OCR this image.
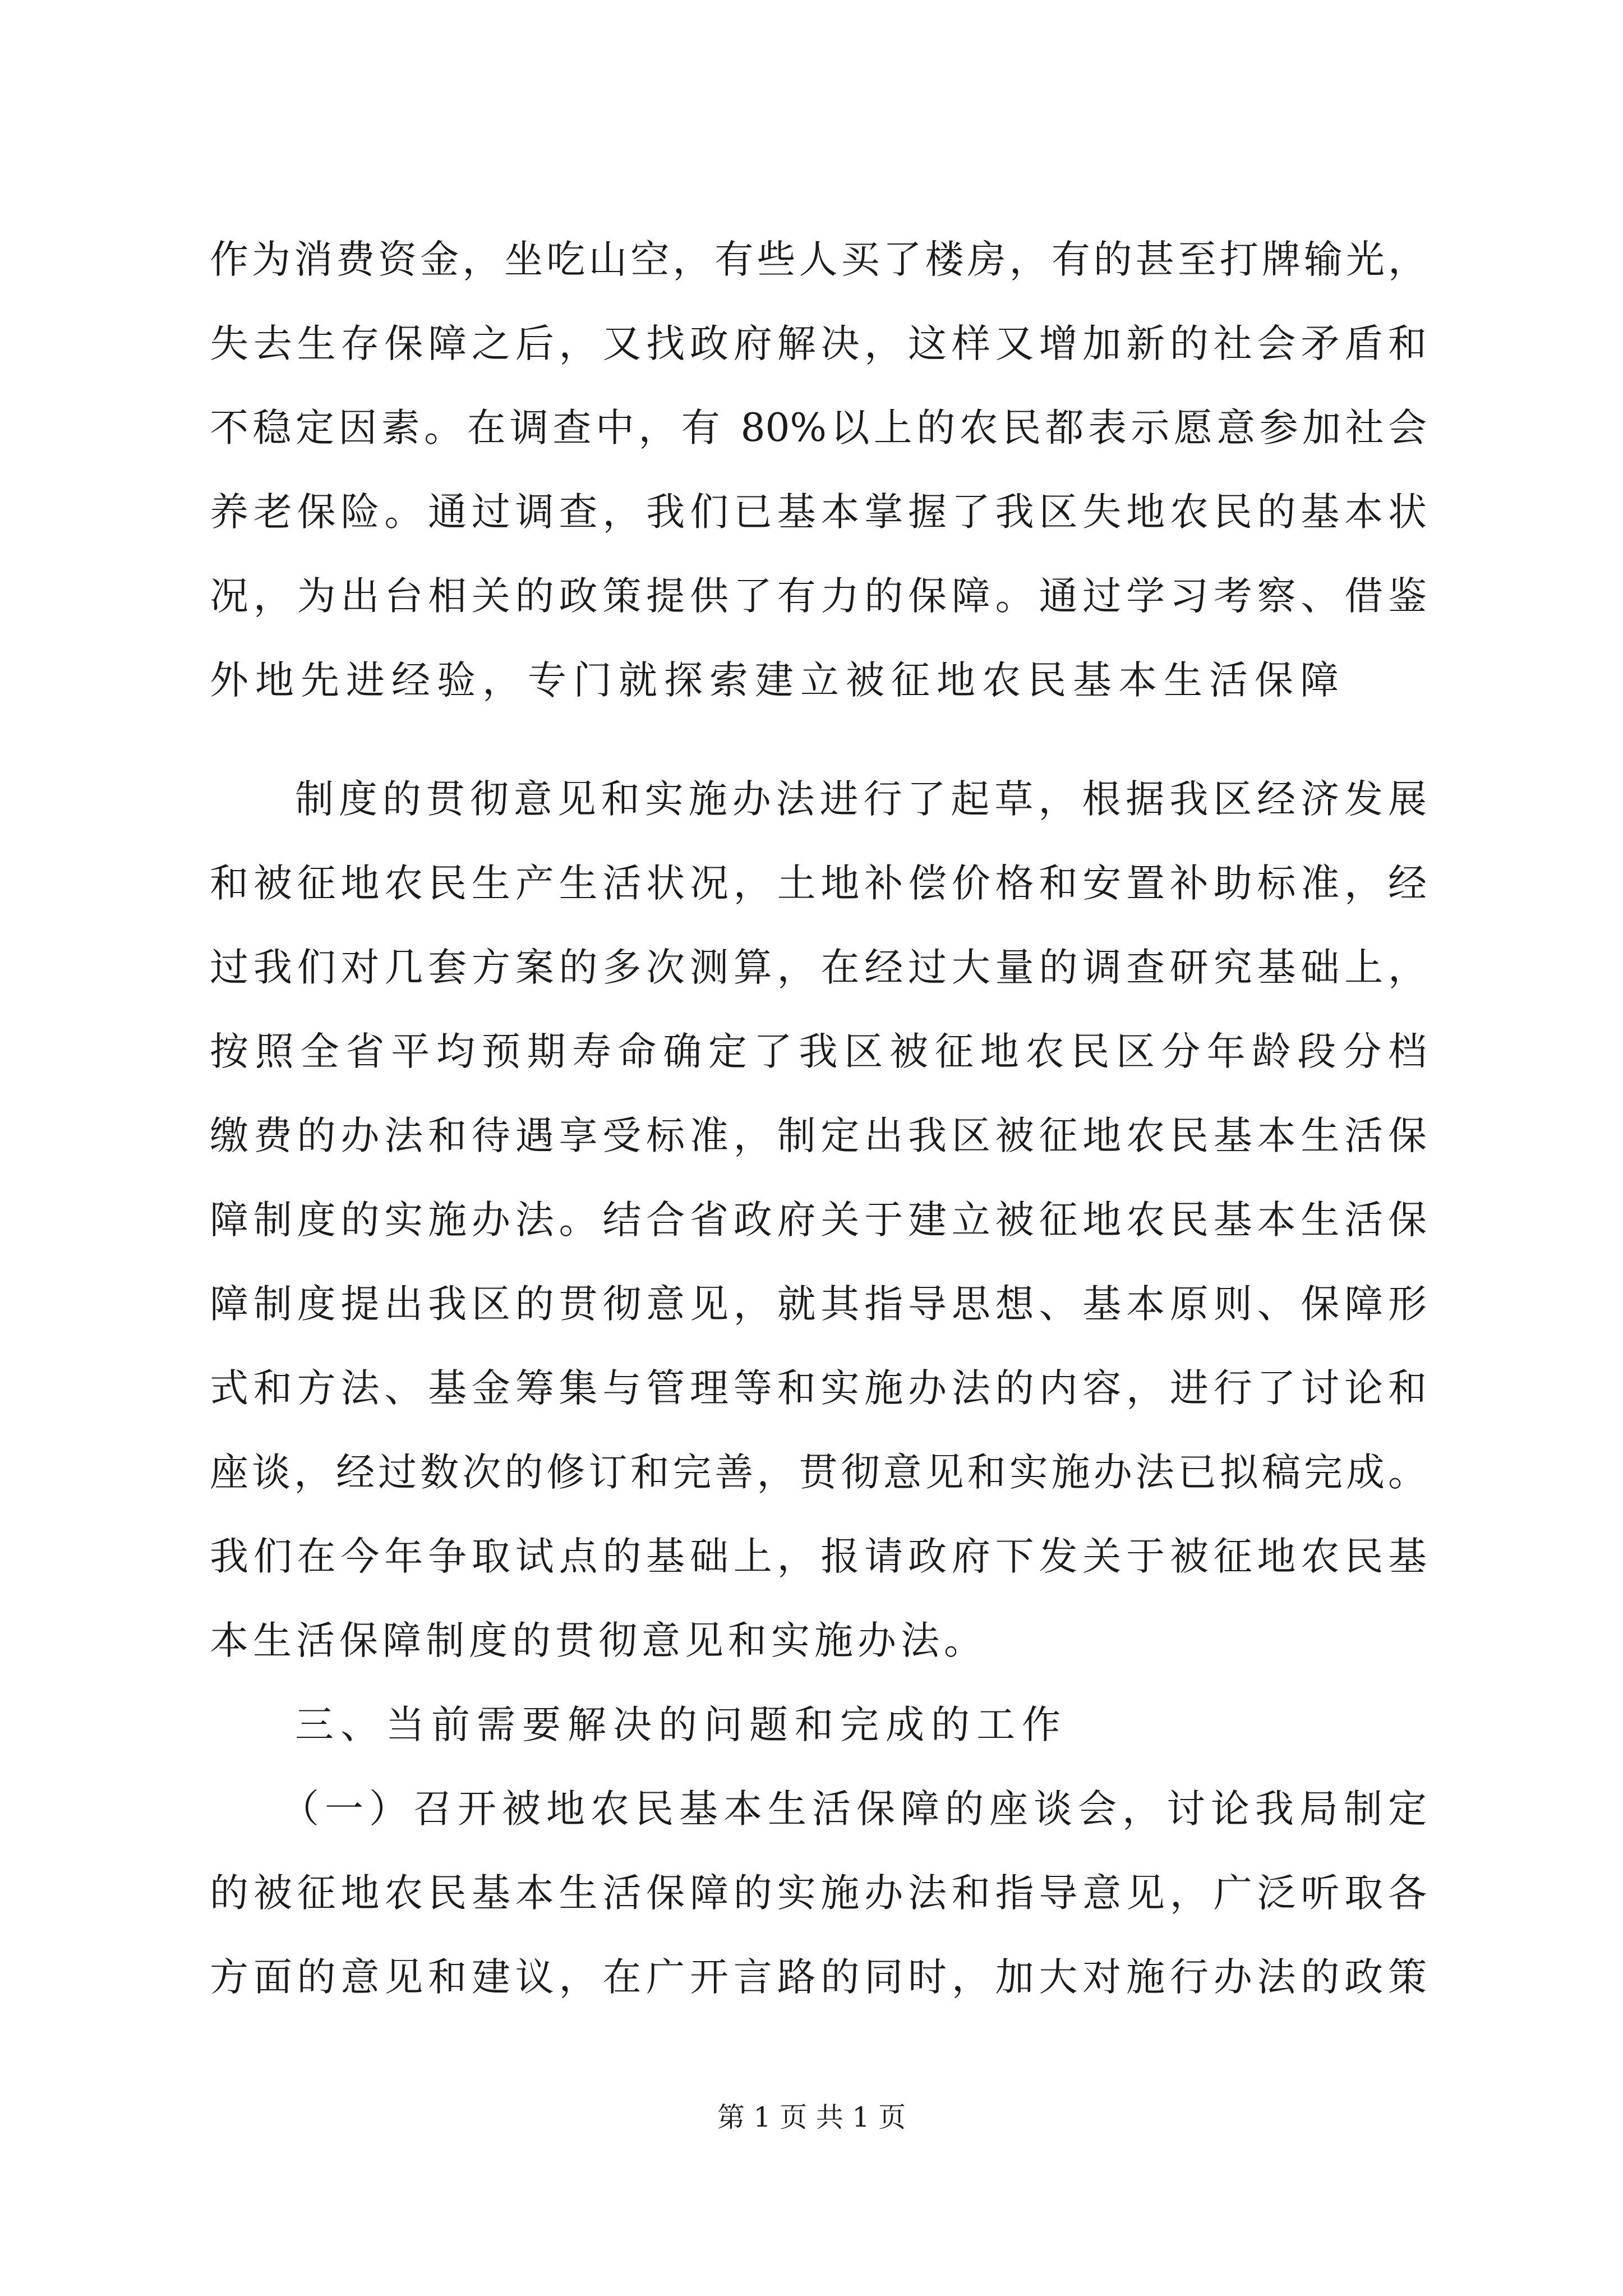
作为消费资金，坐吃山空，有些人买了楼房，有的甚至打牌输光，
失去生存保障之后，又找政府解决，这样又增加新的社会矛盾和
不稳定因素。在调查中，有 80%以上的农民都表示愿意参加社会
养老保险。通过调查，我们已基本掌握了我区失地农民的基本状
况，为出台相关的政策提供了有力的保障。通过学习考察、借鉴
外地先进经验，专门就探索建立被征地农民基本生活保障
制度的贯彻意见和实施办法进行了起草，根据我区经济发展
和被征地农民生产生活状况，土地补偿价格和安置补助标准，经
过我们对几套方案的多次测算，在经过大量的调查研究基础上，
按照全省平均预期寿命确定了我区被征地农民区分年龄段分档
缴费的办法和待遇享受标准，制定出我区被征地农民基本生活保
障制度的实施办法。结合省政府关于建立被征地农民基本生活保
障制度提出我区的贯彻意见，就其指导思想、基本原则、保障形
式和方法、基金筹集与管理等和实施办法的内容，进行了讨论和
座谈，经过数次的修订和完善，贯彻意见和实施办法已拟稿完成。
我们在今年争取试点的基础上，报请政府下发关于被征地农民基
本生活保障制度的贯彻意见和实施办法。
三、当前需要解决的问题和完成的工作
（一）召开被地农民基本生活保障的座谈会，讨论我局制定
的被征地农民基本生活保障的实施办法和指导意见，广泛听取各
方面的意见和建议，在广开言路的同时，加大对施行办法的政策
第 1 页 共 1 页
